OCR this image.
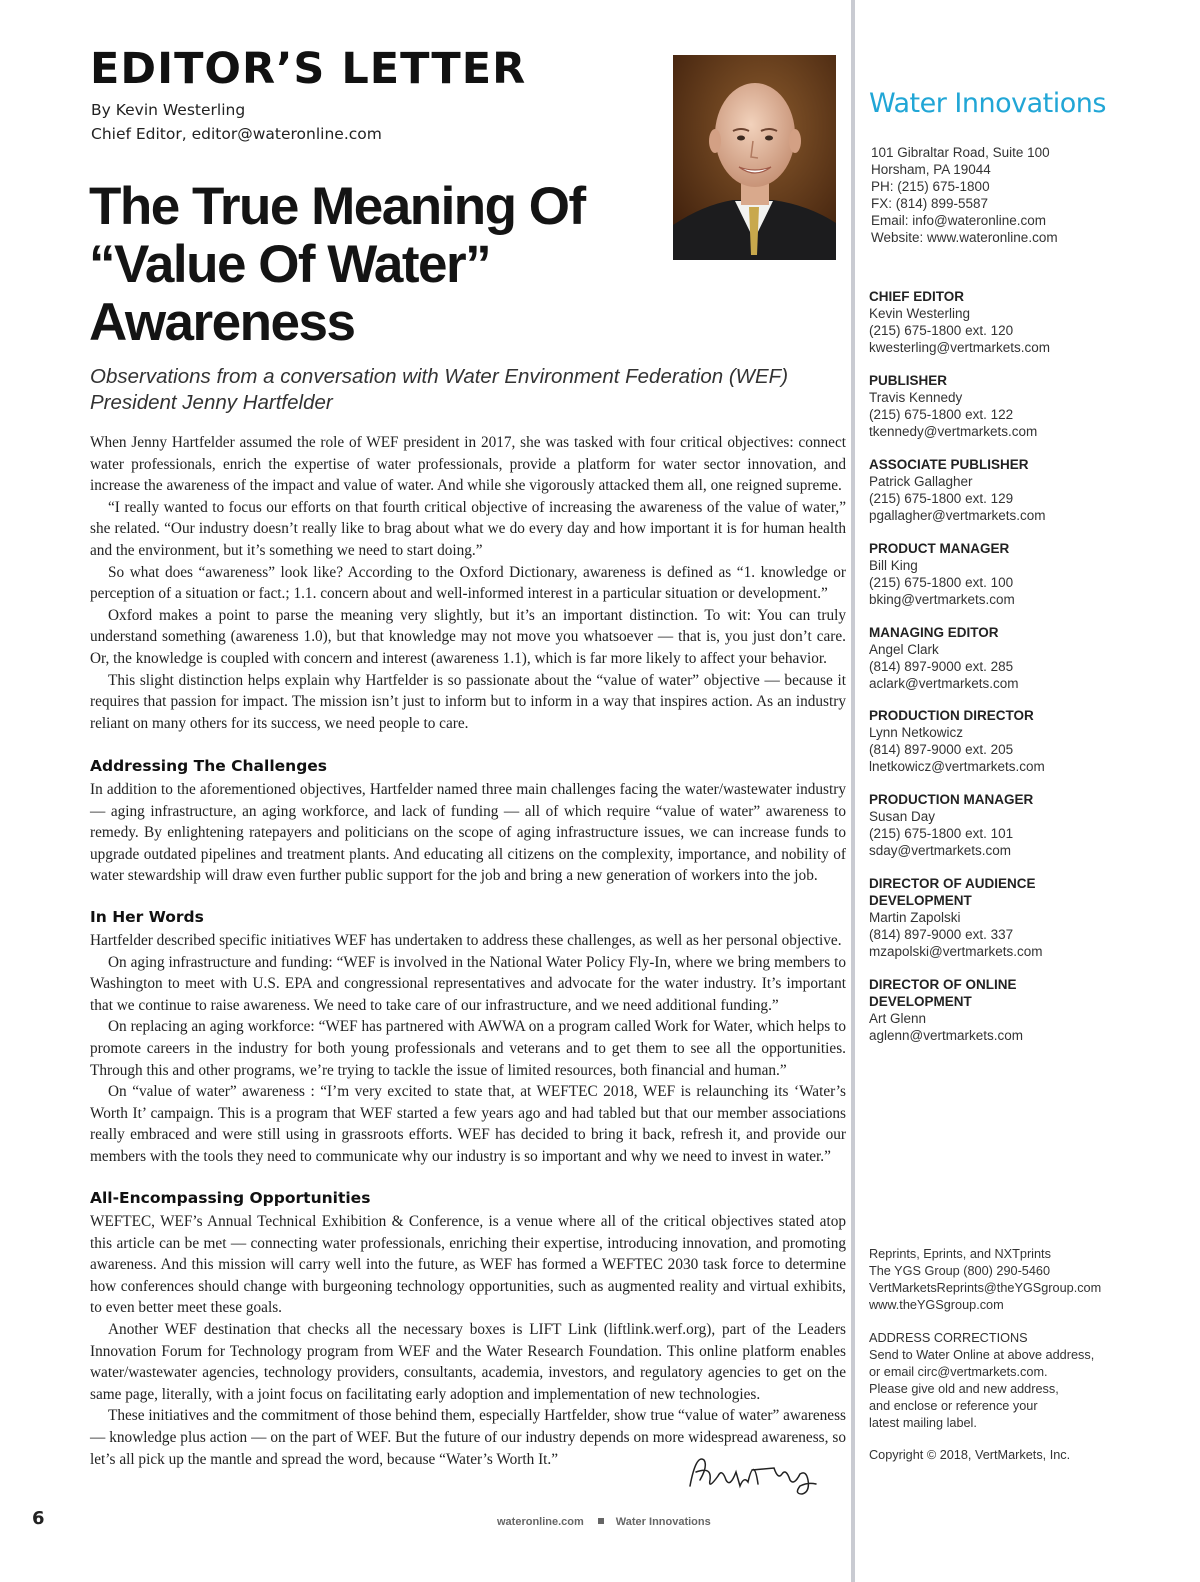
EDITOR’S LETTER
By Kevin Westerling
Chief Editor, editor@wateronline.com
The True Meaning Of “Value Of Water” Awareness
Observations from a conversation with Water Environment Federation (WEF) President Jenny Hartfelder

When Jenny Hartfelder assumed the role of WEF president in 2017, she was tasked with four critical objectives: connect water professionals, enrich the expertise of water professionals, provide a platform for water sector innovation, and increase the awareness of the impact and value of water. And while she vigorously attacked them all, one reigned supreme.

“I really wanted to focus our efforts on that fourth critical objective of increasing the awareness of the value of water,” she related. “Our industry doesn’t really like to brag about what we do every day and how important it is for human health and the environment, but it’s something we need to start doing.”

So what does “awareness” look like? According to the Oxford Dictionary, awareness is defined as “1. knowledge or perception of a situation or fact.; 1.1. concern about and well-informed interest in a particular situation or development.”

Oxford makes a point to parse the meaning very slightly, but it’s an important distinction. To wit: You can truly understand something (awareness 1.0), but that knowledge may not move you whatsoever — that is, you just don’t care. Or, the knowledge is coupled with concern and interest (awareness 1.1), which is far more likely to affect your behavior.

This slight distinction helps explain why Hartfelder is so passionate about the “value of water” objective — because it requires that passion for impact. The mission isn’t just to inform but to inform in a way that inspires action. As an industry reliant on many others for its success, we need people to care.

Addressing The Challenges

In addition to the aforementioned objectives, Hartfelder named three main challenges facing the water/wastewater industry — aging infrastructure, an aging workforce, and lack of funding — all of which require “value of water” awareness to remedy. By enlightening ratepayers and politicians on the scope of aging infrastructure issues, we can increase funds to upgrade outdated pipelines and treatment plants. And educating all citizens on the complexity, importance, and nobility of water stewardship will draw even further public support for the job and bring a new generation of workers into the job.

In Her Words

Hartfelder described specific initiatives WEF has undertaken to address these challenges, as well as her personal objective.

On aging infrastructure and funding: “WEF is involved in the National Water Policy Fly-In, where we bring members to Washington to meet with U.S. EPA and congressional representatives and advocate for the water industry. It’s important that we continue to raise awareness. We need to take care of our infrastructure, and we need additional funding.”

On replacing an aging workforce: “WEF has partnered with AWWA on a program called Work for Water, which helps to promote careers in the industry for both young professionals and veterans and to get them to see all the opportunities. Through this and other programs, we’re trying to tackle the issue of limited resources, both financial and human.”

On “value of water” awareness : “I’m very excited to state that, at WEFTEC 2018, WEF is relaunching its ‘Water’s Worth It’ campaign. This is a program that WEF started a few years ago and had tabled but that our member associations really embraced and were still using in grassroots efforts. WEF has decided to bring it back, refresh it, and provide our members with the tools they need to communicate why our industry is so important and why we need to invest in water.”

All-Encompassing Opportunities

WEFTEC, WEF’s Annual Technical Exhibition & Conference, is a venue where all of the critical objectives stated atop this article can be met — connecting water professionals, enriching their expertise, introducing innovation, and promoting awareness. And this mission will carry well into the future, as WEF has formed a WEFTEC 2030 task force to determine how conferences should change with burgeoning technology opportunities, such as augmented reality and virtual exhibits, to even better meet these goals.

Another WEF destination that checks all the necessary boxes is LIFT Link (liftlink.werf.org), part of the Leaders Innovation Forum for Technology program from WEF and the Water Research Foundation. This online platform enables water/wastewater agencies, technology providers, consultants, academia, investors, and regulatory agencies to get on the same page, literally, with a joint focus on facilitating early adoption and implementation of new technologies.

These initiatives and the commitment of those behind them, especially Hartfelder, show true “value of water” awareness — knowledge plus action — on the part of WEF. But the future of our industry depends on more widespread awareness, so let’s all pick up the mantle and spread the word, because “Water’s Worth It.”

Water Innovations
101 Gibraltar Road, Suite 100
Horsham, PA 19044
PH: (215) 675-1800
FX: (814) 899-5587
Email: info@wateronline.com
Website: www.wateronline.com
CHIEF EDITOR
Kevin Westerling
(215) 675-1800 ext. 120
kwesterling@vertmarkets.com
PUBLISHER
Travis Kennedy
(215) 675-1800 ext. 122
tkennedy@vertmarkets.com
ASSOCIATE PUBLISHER
Patrick Gallagher
(215) 675-1800 ext. 129
pgallagher@vertmarkets.com
PRODUCT MANAGER
Bill King
(215) 675-1800 ext. 100
bking@vertmarkets.com
MANAGING EDITOR
Angel Clark
(814) 897-9000 ext. 285
aclark@vertmarkets.com
PRODUCTION DIRECTOR
Lynn Netkowicz
(814) 897-9000 ext. 205
lnetkowicz@vertmarkets.com
PRODUCTION MANAGER
Susan Day
(215) 675-1800 ext. 101
sday@vertmarkets.com
DIRECTOR OF AUDIENCE DEVELOPMENT
Martin Zapolski
(814) 897-9000 ext. 337
mzapolski@vertmarkets.com
DIRECTOR OF ONLINE DEVELOPMENT
Art Glenn
aglenn@vertmarkets.com
Reprints, Eprints, and NXTprints
The YGS Group (800) 290-5460
VertMarketsReprints@theYGSgroup.com
www.theYGSgroup.com
ADDRESS CORRECTIONS
Send to Water Online at above address,
or email circ@vertmarkets.com.
Please give old and new address,
and enclose or reference your
latest mailing label.
Copyright © 2018, VertMarkets, Inc.
6	wateronline.com	Water Innovations
